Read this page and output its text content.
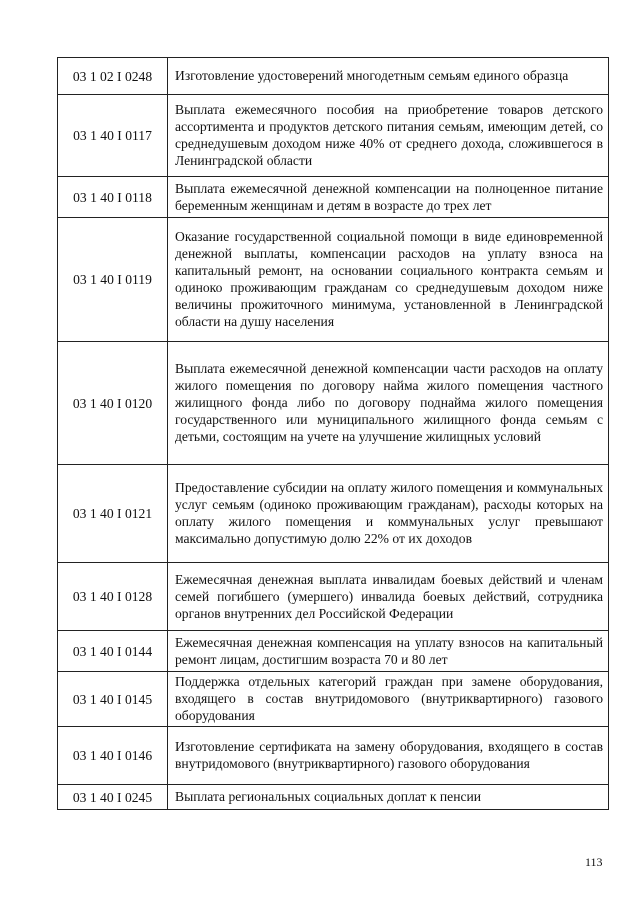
03 1 02 I 0248	Изготовление удостоверений многодетным семьям единого образца
03 1 40 I 0117	Выплата ежемесячного пособия на приобретение товаров детского ассортимента и продуктов детского питания семьям, имеющим детей, со среднедушевым доходом ниже 40% от среднего дохода, сложившегося в Ленинградской области
03 1 40 I 0118	Выплата ежемесячной денежной компенсации на полноценное питание беременным женщинам и детям в возрасте до трех лет
03 1 40 I 0119	Оказание государственной социальной помощи в виде единовременной денежной выплаты, компенсации расходов на уплату взноса на капитальный ремонт, на основании социального контракта семьям и одиноко проживающим гражданам со среднедушевым доходом ниже величины прожиточного минимума, установленной в Ленинградской области на душу населения
03 1 40 I 0120	Выплата ежемесячной денежной компенсации части расходов на оплату жилого помещения по договору найма жилого помещения частного жилищного фонда либо по договору поднайма жилого помещения государственного или муниципального жилищного фонда семьям с детьми, состоящим на учете на улучшение жилищных условий
03 1 40 I 0121	Предоставление субсидии на оплату жилого помещения и коммунальных услуг семьям (одиноко проживающим гражданам), расходы которых на оплату жилого помещения и коммунальных услуг превышают максимально допустимую долю 22% от их доходов
03 1 40 I 0128	Ежемесячная денежная выплата инвалидам боевых действий и членам семей погибшего (умершего) инвалида боевых действий, сотрудника органов внутренних дел Российской Федерации
03 1 40 I 0144	Ежемесячная денежная компенсация на уплату взносов на капитальный ремонт лицам, достигшим возраста 70 и 80 лет
03 1 40 I 0145	Поддержка отдельных категорий граждан при замене оборудования, входящего в состав внутридомового (внутриквартирного) газового оборудования
03 1 40 I 0146	Изготовление сертификата на замену оборудования, входящего в состав внутридомового (внутриквартирного) газового оборудования
03 1 40 I 0245	Выплата региональных социальных доплат к пенсии
113
